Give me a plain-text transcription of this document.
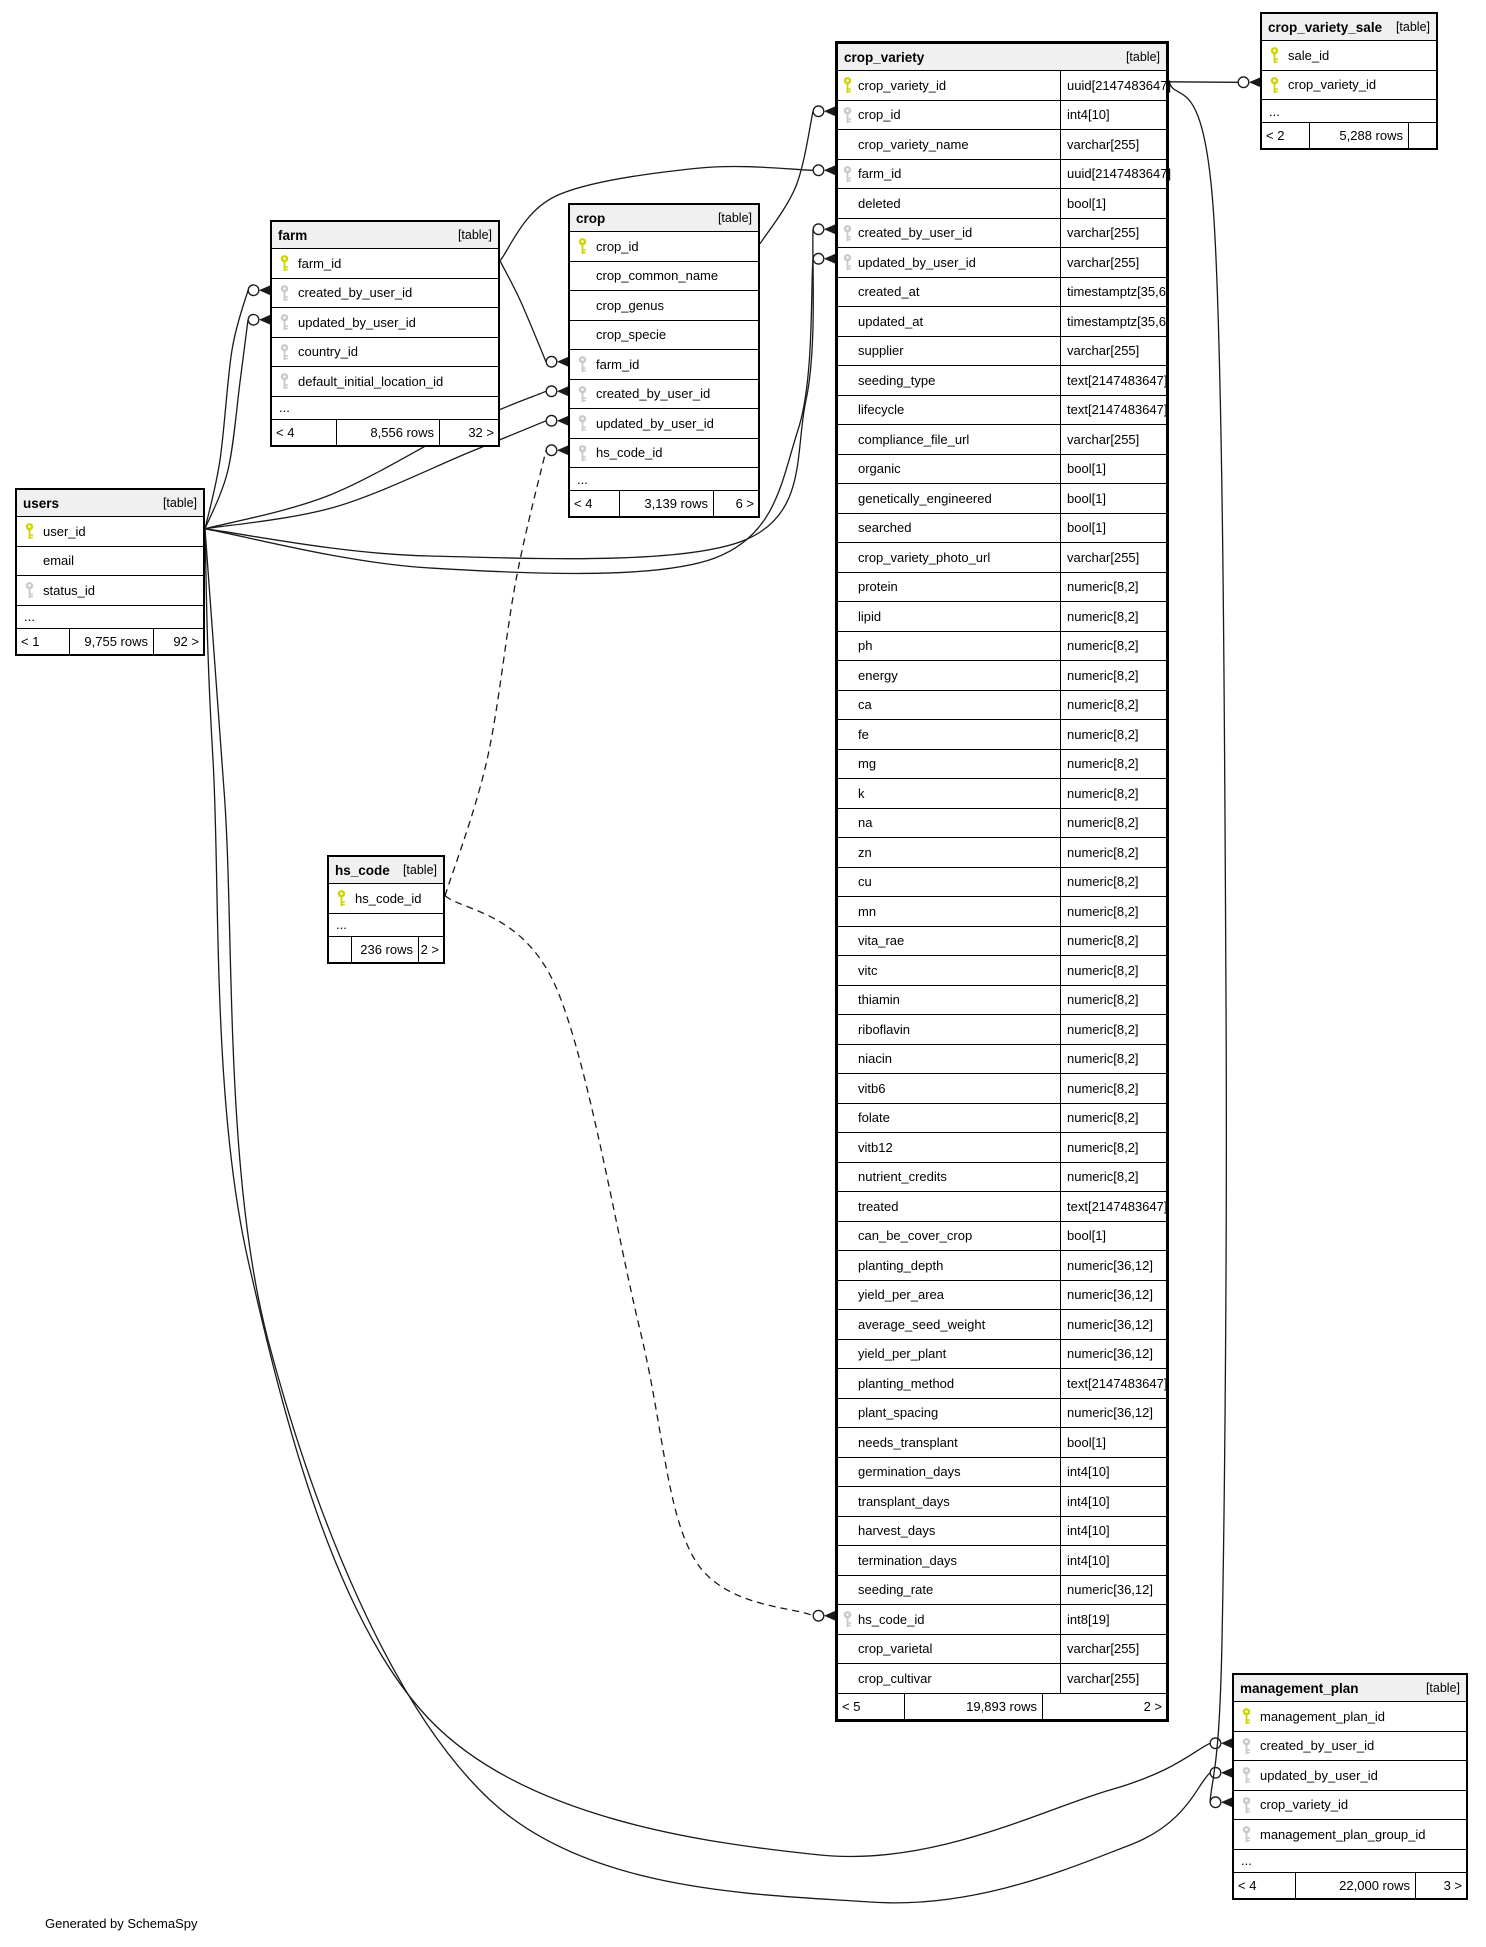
users	[table]
user_id
email
status_id
...
< 1	9,755 rows	92 >
farm	[table]
farm_id
created_by_user_id
updated_by_user_id
country_id
default_initial_location_id
...
< 4	8,556 rows	32 >
crop	[table]
crop_id
crop_common_name
crop_genus
crop_specie
farm_id
created_by_user_id
updated_by_user_id
hs_code_id
...
< 4	3,139 rows	6 >
hs_code [table]
hs_code_id
...
236 rows 2 >
crop_variety	[table]
crop_variety_id	uuid[2147483647]
crop_id	int4[10]
crop_variety_name	varchar[255]
farm_id	uuid[2147483647]
deleted	bool[1]
created_by_user_id	varchar[255]
updated_by_user_id	varchar[255]
created_at	timestamptz[35,6]
updated_at	timestamptz[35,6]
supplier	varchar[255]
seeding_type	text[2147483647]
lifecycle	text[2147483647]
compliance_file_url	varchar[255]
organic	bool[1]
genetically_engineered	bool[1]
searched	bool[1]
crop_variety_photo_url	varchar[255]
protein	numeric[8,2]
lipid	numeric[8,2]
ph	numeric[8,2]
energy	numeric[8,2]
ca	numeric[8,2]
fe	numeric[8,2]
mg	numeric[8,2]
k	numeric[8,2]
na	numeric[8,2]
zn	numeric[8,2]
cu	numeric[8,2]
mn	numeric[8,2]
vita_rae	numeric[8,2]
vitc	numeric[8,2]
thiamin	numeric[8,2]
riboflavin	numeric[8,2]
niacin	numeric[8,2]
vitb6	numeric[8,2]
folate	numeric[8,2]
vitb12	numeric[8,2]
nutrient_credits	numeric[8,2]
treated	text[2147483647]
can_be_cover_crop	bool[1]
planting_depth	numeric[36,12]
yield_per_area	numeric[36,12]
average_seed_weight	numeric[36,12]
yield_per_plant	numeric[36,12]
planting_method	text[2147483647]
plant_spacing	numeric[36,12]
needs_transplant	bool[1]
germination_days	int4[10]
transplant_days	int4[10]
harvest_days	int4[10]
termination_days	int4[10]
seeding_rate	numeric[36,12]
hs_code_id	int8[19]
crop_varietal	varchar[255]
crop_cultivar	varchar[255]
< 5	19,893 rows	2 >
crop_variety_sale [table]
sale_id
crop_variety_id
...
< 2	5,288 rows
management_plan	[table]
management_plan_id
created_by_user_id
updated_by_user_id
crop_variety_id
management_plan_group_id
...
< 4	22,000 rows	3 >
Generated by SchemaSpy
